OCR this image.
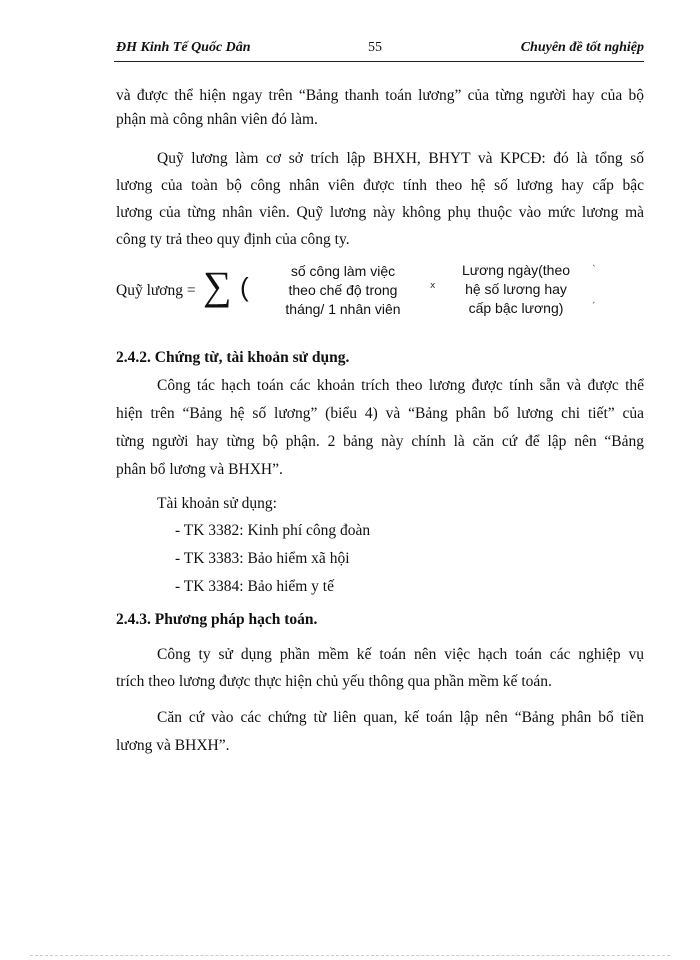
ĐH Kinh Tế Quốc Dân	55	Chuyên đề tốt nghiệp
và được thể hiện ngay trên “Bảng thanh toán lương” của từng người hay của bộ
phận mà công nhân viên đó làm.
Quỹ lương làm cơ sở trích lập BHXH, BHYT và KPCĐ: đó là tổng số
lương của toàn bộ công nhân viên được tính theo hệ số lương hay cấp bậc
lương của từng nhân viên. Quỹ lương này không phụ thuộc vào mức lương mà
công ty trả theo quy định của công ty.
Quỹ lương = ∑ (
số công làm việc
theo chế độ trong
tháng/ 1 nhân viên
x
Lương ngày(theo
hệ số lương hay
cấp bậc lương)
`
´
2.4.2. Chứng từ, tài khoản sử dụng.
Công tác hạch toán các khoản trích theo lương được tính sẵn và được thể
hiện trên “Bảng hệ số lương” (biểu 4) và “Bảng phân bổ lương chi tiết” của
từng người hay từng bộ phận. 2 bảng này chính là căn cứ để lập nên “Bảng
phân bổ lương và BHXH”.
Tài khoản sử dụng:
- TK 3382: Kinh phí công đoàn
- TK 3383: Bảo hiểm xã hội
- TK 3384: Bảo hiểm y tế
2.4.3. Phương pháp hạch toán.
Công ty sử dụng phần mềm kế toán nên việc hạch toán các nghiệp vụ
trích theo lương được thực hiện chủ yếu thông qua phần mềm kế toán.
Căn cứ vào các chứng từ liên quan, kế toán lập nên “Bảng phân bổ tiền
lương và BHXH”.
